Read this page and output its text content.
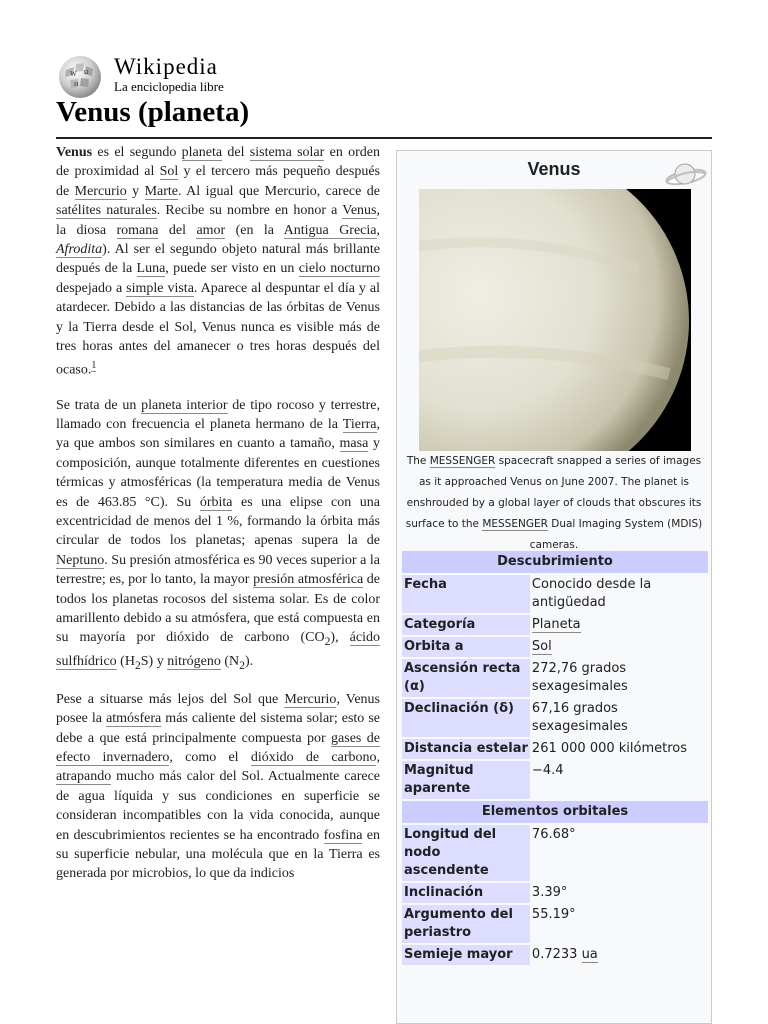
W Ω
И
Wikipedia
La enciclopedia libre
Venus (planeta)

Venus es el segundo planeta del sistema solar en orden de proximidad al Sol y el tercero más pequeño después de Mercurio y Marte. Al igual que Mercurio, carece de satélites naturales. Recibe su nombre en honor a Venus, la diosa romana del amor (en la Antigua Grecia, Afrodita). Al ser el segundo objeto natural más brillante después de la Luna, puede ser visto en un cielo nocturno despejado a simple vista. Aparece al despuntar el día y al atardecer. Debido a las distancias de las órbitas de Venus y la Tierra desde el Sol, Venus nunca es visible más de tres horas antes del amanecer o tres horas después del ocaso.$^1$

Se trata de un planeta interior de tipo rocoso y terrestre, llamado con frecuencia el planeta hermano de la Tierra, ya que ambos son similares en cuanto a tamaño, masa y composición, aunque totalmente diferentes en cuestiones térmicas y atmosféricas (la temperatura media de Venus es de 463.85 °C). Su órbita es una elipse con una excentricidad de menos del 1 %, formando la órbita más circular de todos los planetas; apenas supera la de Neptuno. Su presión atmosférica es 90 veces superior a la terrestre; es, por lo tanto, la mayor presión atmosférica de todos los planetas rocosos del sistema solar. Es de color amarillento debido a su atmósfera, que está compuesta en su mayoría por dióxido de carbono $(CO_2)$, ácido sulfhídrico $(H_2S)$ y nitrógeno $(N_2)$.

Pese a situarse más lejos del Sol que Mercurio, Venus posee la atmósfera más caliente del sistema solar; esto se debe a que está principalmente compuesta por gases de efecto invernadero, como el dióxido de carbono, atrapando mucho más calor del Sol. Actualmente carece de agua líquida y sus condiciones en superficie se consideran incompatibles con la vida conocida, aunque en descubrimientos recientes se ha encontrado fosfina en su superficie nebular, una molécula que en la Tierra es generada por microbios, lo que da indicios

Venus
The MESSENGER spacecraft snapped a series of images as it approached Venus on June 2007. The planet is enshrouded by a global layer of clouds that obscures its surface to the MESSENGER Dual Imaging System (MDIS) cameras.
Descubrimiento	
Fecha	Conocido desde la antigüedad
Categoría	Planeta
Orbita a	Sol
Ascensión recta (α)	272,76 grados sexagesimales
Declinación (δ)	67,16 grados sexagesimales
Distancia estelar	261 000 000 kilómetros
Magnitud aparente	−4.4
Elementos orbitales	
Longitud del nodo ascendente	76.68°
Inclinación	3.39°
Argumento del periastro	55.19°
Semieje mayor	0.7233 ua
